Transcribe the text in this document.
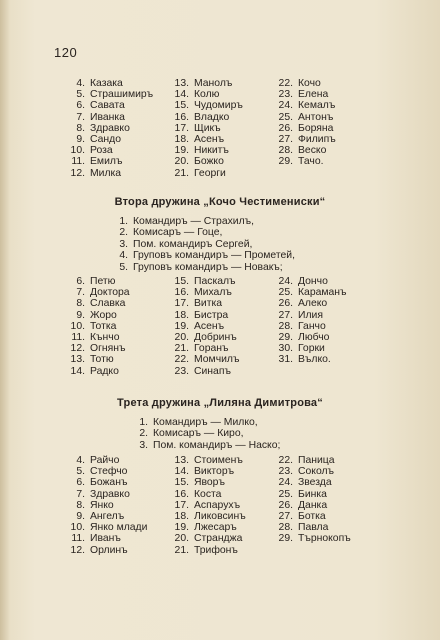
120
4. Казака
5. Страшимиръ
6. Савата
7. Иванка
8. Здравко
9. Сандо
10. Роза
11. Емилъ
12. Милка
13. Манолъ
14. Колю
15. Чудомиръ
16. Владко
17. Щикъ
18. Асенъ
19. Никитъ
20. Божко
21. Георги
22. Кочо
23. Елена
24. Кемалъ
25. Антонъ
26. Боряна
27. Филипъ
28. Веско
29. Тачо.
Втора дружина „Кочо Честимениски“
1. Командиръ — Страхилъ,
2. Комисаръ — Гоце,
3. Пом. командиръ Сергей,
4. Груповъ командиръ — Прометей,
5. Груповъ командиръ — Новакъ;
6. Петю
7. Доктора
8. Славка
9. Жоро
10. Тотка
11. Кънчо
12. Огнянъ
13. Тотю
14. Радко
15. Паскалъ
16. Михалъ
17. Витка
18. Бистра
19. Асенъ
20. Добринъ
21. Горанъ
22. Момчилъ
23. Синапъ
24. Дончо
25. Караманъ
26. Алеко
27. Илия
28. Ганчо
29. Любчо
30. Горки
31. Вълко.
Трета дружина „Лиляна Димитрова“
1. Командиръ — Милко,
2. Комисаръ — Киро,
3. Пом. командиръ — Наско;
4. Райчо
5. Стефчо
6. Божанъ
7. Здравко
8. Янко
9. Ангелъ
10. Янко млади
11. Иванъ
12. Орлинъ
13. Стоименъ
14. Викторъ
15. Яворъ
16. Коста
17. Аспарухъ
18. Ликовсинъ
19. Лжесаръ
20. Странджа
21. Трифонъ
22. Паница
23. Соколъ
24. Звезда
25. Бинка
26. Данка
27. Ботка
28. Павла
29. Търнокопъ
